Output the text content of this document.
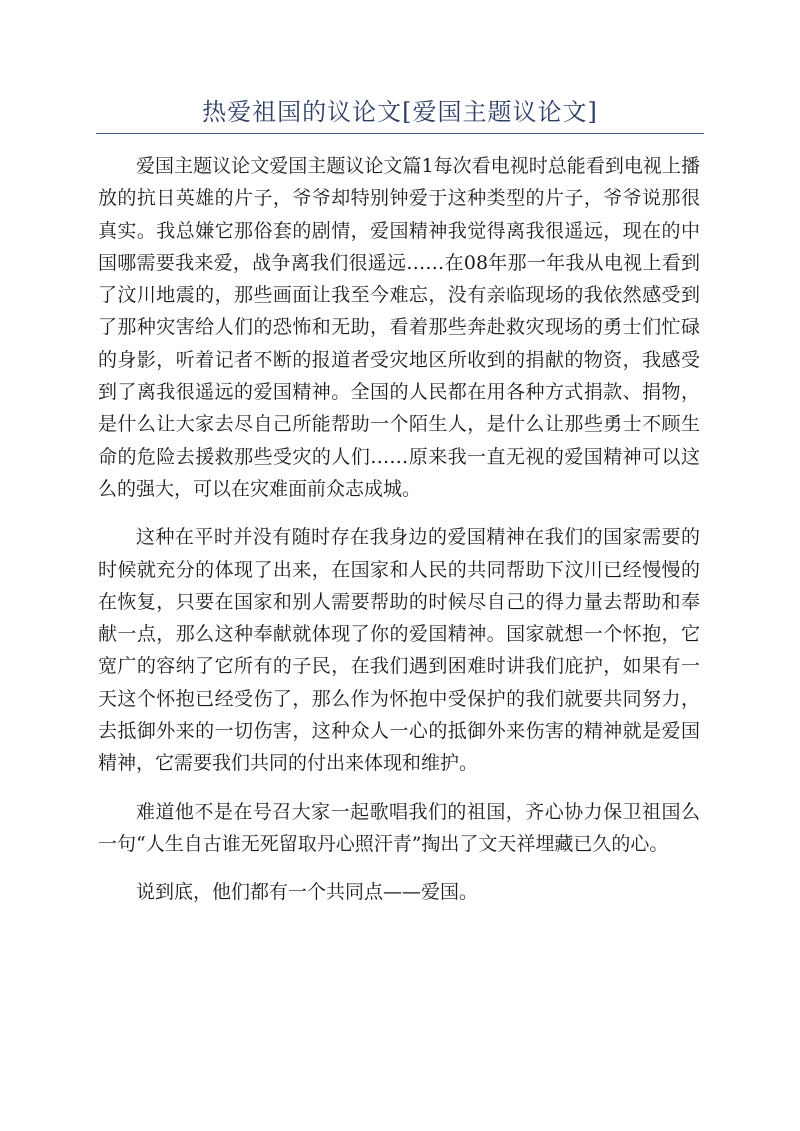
热爱祖国的议论文[爱国主题议论文]

爱国主题议论文爱国主题议论文篇1每次看电视时总能看到电视上播放的抗日英雄的片子，爷爷却特别钟爱于这种类型的片子，爷爷说那很真实。我总嫌它那俗套的剧情，爱国精神我觉得离我很遥远，现在的中国哪需要我来爱，战争离我们很遥远……在08年那一年我从电视上看到了汶川地震的，那些画面让我至今难忘，没有亲临现场的我依然感受到了那种灾害给人们的恐怖和无助，看着那些奔赴救灾现场的勇士们忙碌的身影，听着记者不断的报道者受灾地区所收到的捐献的物资，我感受到了离我很遥远的爱国精神。全国的人民都在用各种方式捐款、捐物，是什么让大家去尽自己所能帮助一个陌生人，是什么让那些勇士不顾生命的危险去援救那些受灾的人们……原来我一直无视的爱国精神可以这么的强大，可以在灾难面前众志成城。

这种在平时并没有随时存在我身边的爱国精神在我们的国家需要的时候就充分的体现了出来，在国家和人民的共同帮助下汶川已经慢慢的在恢复，只要在国家和别人需要帮助的时候尽自己的得力量去帮助和奉献一点，那么这种奉献就体现了你的爱国精神。国家就想一个怀抱，它宽广的容纳了它所有的子民，在我们遇到困难时讲我们庇护，如果有一天这个怀抱已经受伤了，那么作为怀抱中受保护的我们就要共同努力，去抵御外来的一切伤害，这种众人一心的抵御外来伤害的精神就是爱国精神，它需要我们共同的付出来体现和维护。

难道他不是在号召大家一起歌唱我们的祖国，齐心协力保卫祖国么一句“人生自古谁无死留取丹心照汗青”掏出了文天祥埋藏已久的心。

说到底，他们都有一个共同点——爱国。
